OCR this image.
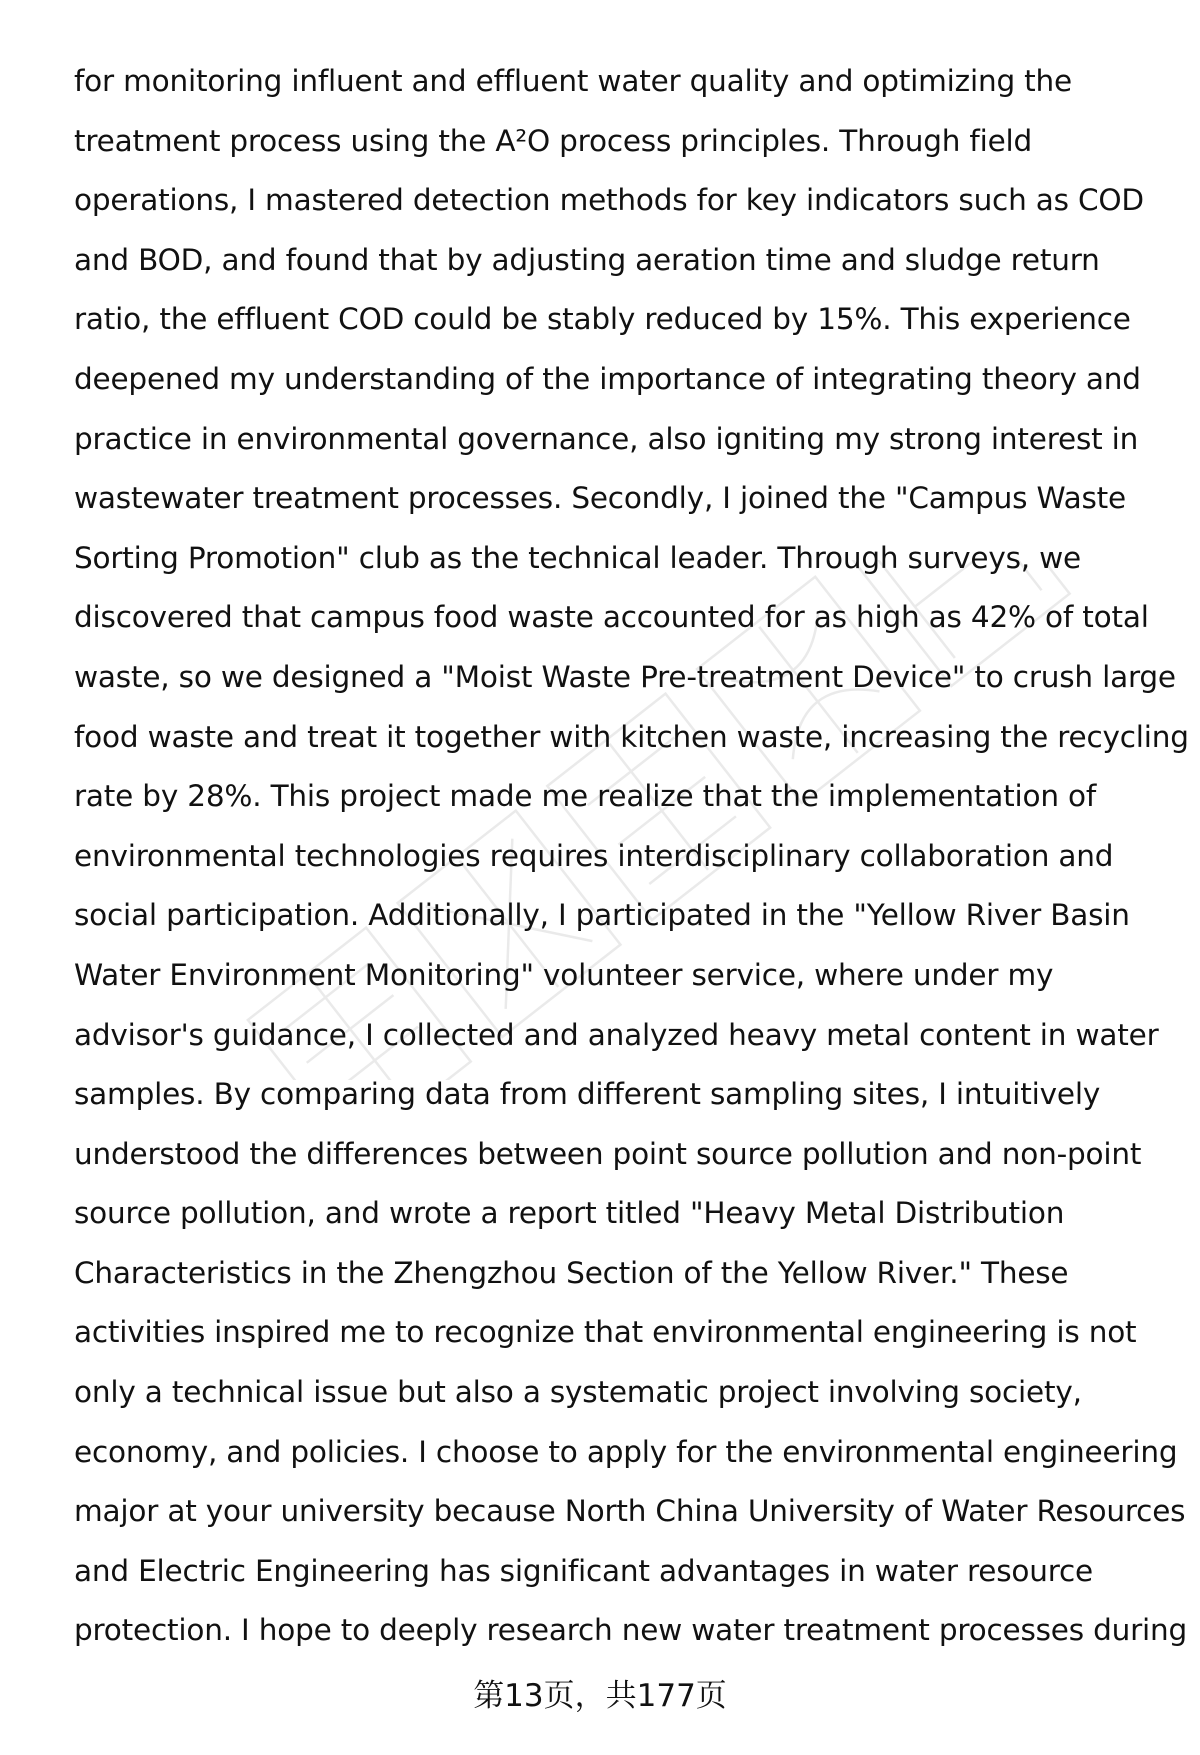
for monitoring influent and effluent water quality and optimizing the
treatment process using the A²O process principles. Through field
operations, I mastered detection methods for key indicators such as COD
and BOD, and found that by adjusting aeration time and sludge return
ratio, the effluent COD could be stably reduced by 15%. This experience
deepened my understanding of the importance of integrating theory and
practice in environmental governance, also igniting my strong interest in
wastewater treatment processes. Secondly, I joined the "Campus Waste
Sorting Promotion" club as the technical leader. Through surveys, we
discovered that campus food waste accounted for as high as 42% of total
waste, so we designed a "Moist Waste Pre-treatment Device" to crush large
food waste and treat it together with kitchen waste, increasing the recycling
rate by 28%. This project made me realize that the implementation of
environmental technologies requires interdisciplinary collaboration and
social participation. Additionally, I participated in the "Yellow River Basin
Water Environment Monitoring" volunteer service, where under my
advisor's guidance, I collected and analyzed heavy metal content in water
samples. By comparing data from different sampling sites, I intuitively
understood the differences between point source pollution and non-point
source pollution, and wrote a report titled "Heavy Metal Distribution
Characteristics in the Zhengzhou Section of the Yellow River." These
activities inspired me to recognize that environmental engineering is not
only a technical issue but also a systematic project involving society,
economy, and policies. I choose to apply for the environmental engineering
major at your university because North China University of Water Resources
and Electric Engineering has significant advantages in water resource
protection. I hope to deeply research new water treatment processes during
第13页，共177页
